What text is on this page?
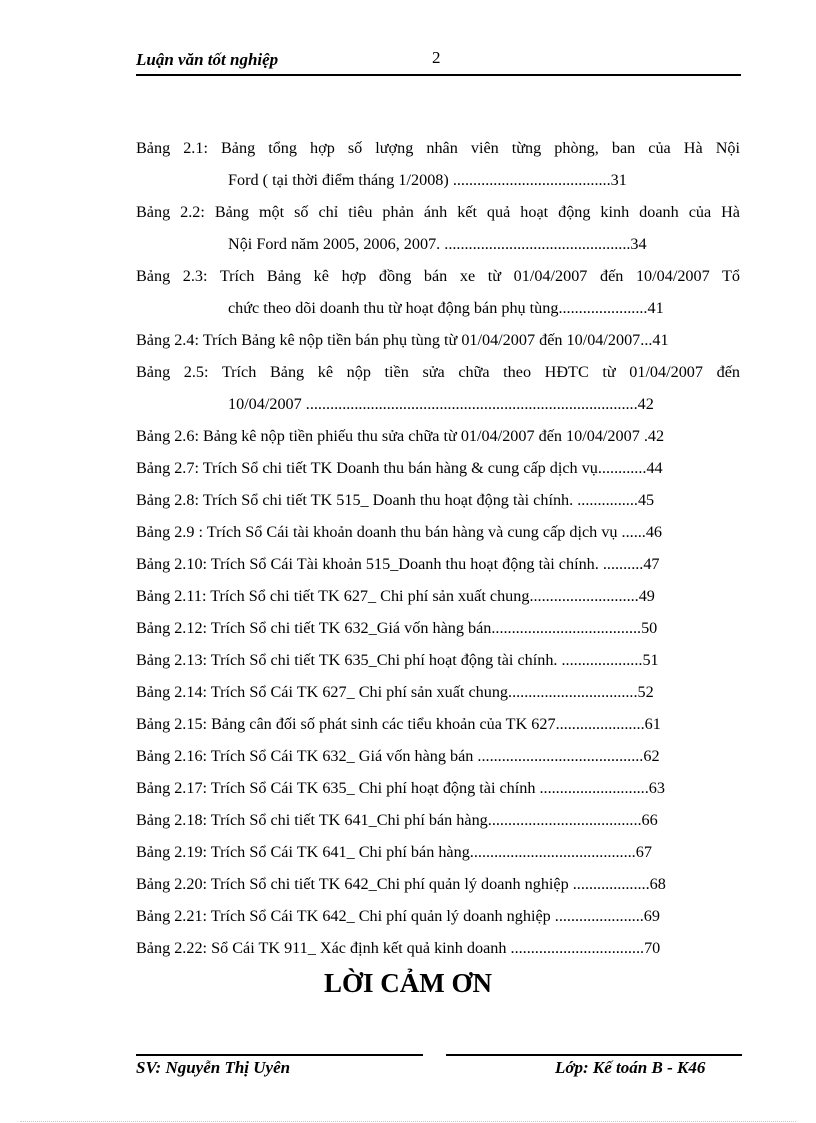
Luận văn tốt nghiệp	2
Bảng 2.1: Bảng tổng hợp số lượng nhân viên từng phòng, ban của Hà Nội
Ford ( tại thời điểm tháng 1/2008) .......................................31
Bảng 2.2: Bảng một số chỉ tiêu phản ánh kết quả hoạt động kinh doanh của Hà
Nội Ford năm 2005, 2006, 2007. ..............................................34
Bảng 2.3: Trích Bảng kê hợp đồng bán xe từ 01/04/2007 đến 10/04/2007 Tổ
chức theo dõi doanh thu từ hoạt động bán phụ tùng......................41
Bảng 2.4: Trích Bảng kê nộp tiền bán phụ tùng từ 01/04/2007 đến 10/04/2007...41
Bảng 2.5: Trích Bảng kê nộp tiền sửa chữa theo HĐTC từ 01/04/2007 đến
10/04/2007 ..................................................................................42
Bảng 2.6: Bảng kê nộp tiền phiếu thu sửa chữa từ 01/04/2007 đến 10/04/2007 .42
Bảng 2.7: Trích Sổ chi tiết TK Doanh thu bán hàng & cung cấp dịch vụ............44
Bảng 2.8: Trích Sổ chi tiết TK 515_ Doanh thu hoạt động tài chính. ...............45
Bảng 2.9 : Trích Sổ Cái tài khoản doanh thu bán hàng và cung cấp dịch vụ ......46
Bảng 2.10: Trích Sổ Cái Tài khoản 515_Doanh thu hoạt động tài chính. ..........47
Bảng 2.11: Trích Sổ chi tiết TK 627_ Chi phí sản xuất chung...........................49
Bảng 2.12: Trích Sổ chi tiết TK 632_Giá vốn hàng bán.....................................50
Bảng 2.13: Trích Sổ chi tiết TK 635_Chi phí hoạt động tài chính. ....................51
Bảng 2.14: Trích Sổ Cái TK 627_ Chi phí sản xuất chung................................52
Bảng 2.15: Bảng cân đối số phát sinh các tiểu khoản của TK 627......................61
Bảng 2.16: Trích Sổ Cái TK 632_ Giá vốn hàng bán .........................................62
Bảng 2.17: Trích Sổ Cái TK 635_ Chi phí hoạt động tài chính ...........................63
Bảng 2.18: Trích Sổ chi tiết TK 641_Chi phí bán hàng......................................66
Bảng 2.19: Trích Sổ Cái TK 641_ Chi phí bán hàng.........................................67
Bảng 2.20: Trích Sổ chi tiết TK 642_Chi phí quản lý doanh nghiệp ...................68
Bảng 2.21: Trích Sổ Cái TK 642_ Chi phí quản lý doanh nghiệp ......................69
Bảng 2.22: Sổ Cái TK 911_ Xác định kết quả kinh doanh .................................70
LỜI CẢM ƠN
SV: Nguyễn Thị Uyên	Lớp: Kế toán B - K46
